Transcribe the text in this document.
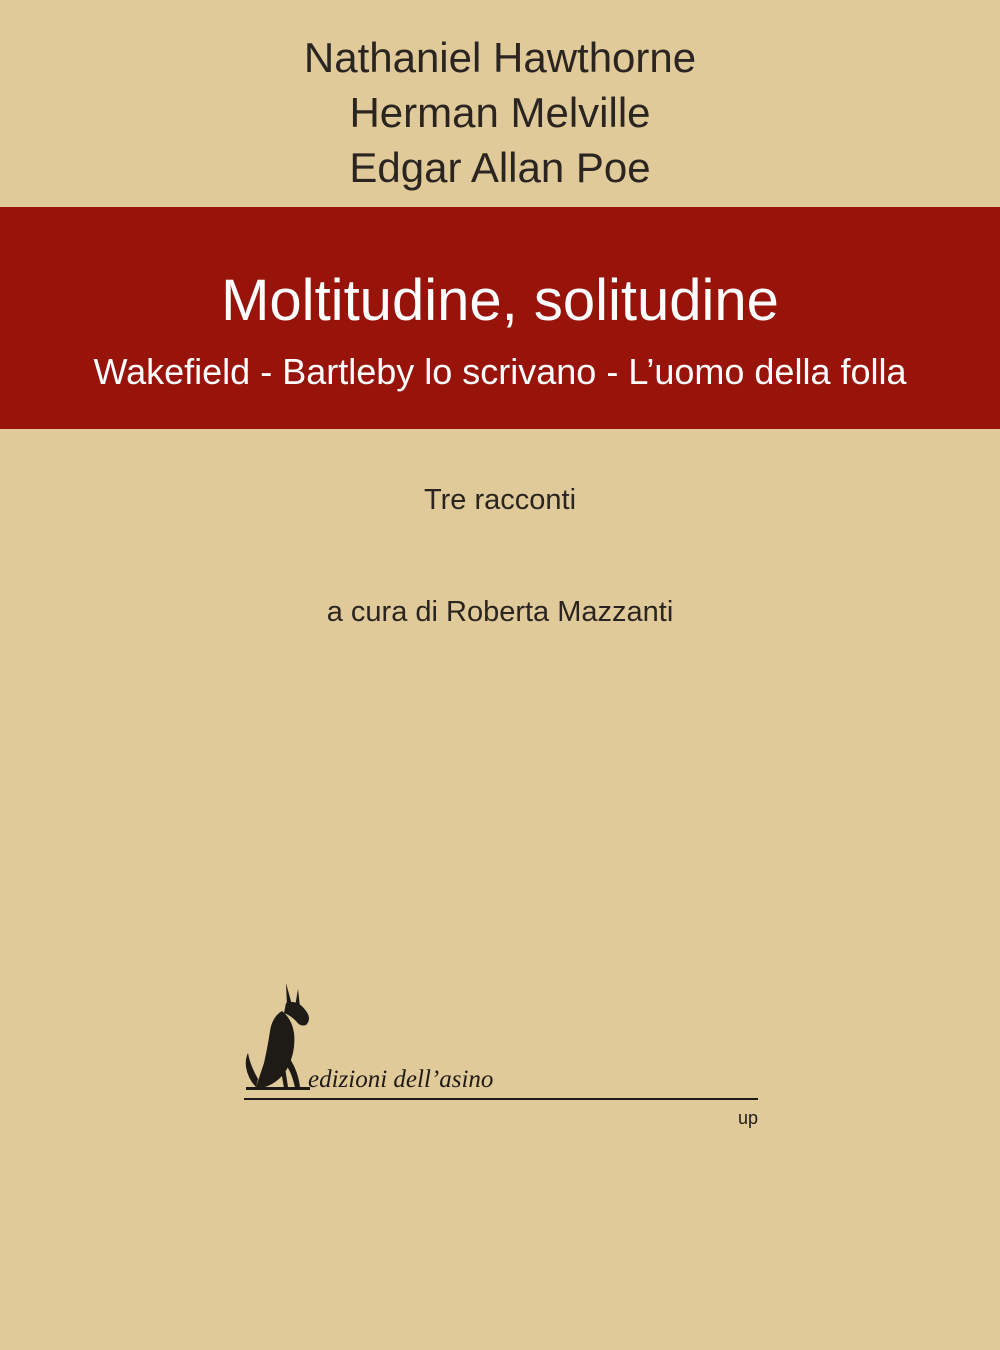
Nathaniel Hawthorne
Herman Melville
Edgar Allan Poe
Moltitudine, solitudine
Wakefield - Bartleby lo scrivano - L’uomo della folla
Tre racconti
a cura di Roberta Mazzanti
edizioni dell’asino
up
